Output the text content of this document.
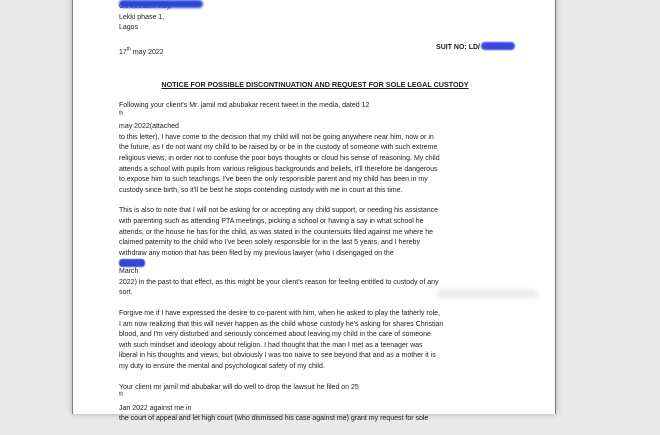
Lekki phase 1,
Lagos
17th may 2022
SUIT NO: LD/
NOTICE FOR POSSIBLE DISCONTINUATION AND REQUEST FOR SOLE LEGAL CUSTODY
Following your client's Mr. jamil md abubakar recent tweet in the media, dated 12
$^{th}$
may 2022(attached
to this letter), I have come to the decision that my child will not be going anywhere near him, now or in
the future, as I do not want my child to be raised by or be in the custody of someone with such extreme
religious views, in order not to confuse the poor boys thoughts or cloud his sense of reasoning. My child
attends a school with pupils from various religious backgrounds and beliefs, it'll therefore be dangerous
to expose him to such teachings, I've been the only responsible parent and my child has been in my
custody since birth, so it'll be best he stops contending custody with me in court at this time.
This is also to note that I will not be asking for or accepting any child support, or needing his assistance
with parenting such as attending PTA meetings, picking a school or having a say in what school he
attends, or the house he has for the child, as was stated in the countersuits filed against me where he
claimed paternity to the child who I've been solely responsible for in the last 5 years, and I hereby
withdraw any motion that has been filed by my previous lawyer (who I disengaged on the
March
2022) in the past to that effect, as this might be your client's reason for feeling entitled to custody of any
sort.
Forgive me if I have expressed the desire to co-parent with him, when he asked to play the fatherly role,
I am now realizing that this will never happen as the child whose custody he's asking for shares Christian
blood, and I'm very disturbed and seriously concerned about leaving my child in the care of someone
with such mindset and ideology about religion. I had thought that the man I met as a teenager was
liberal in his thoughts and views, but obviously I was too naive to see beyond that and as a mother it is
my duty to ensure the mental and psychological safety of my child.
Your client mr jamil md abubakar will do well to drop the lawsuit he filed on 25
$^{th}$
Jan 2022 against me in
the court of appeal and let high court (who dismissed his case against me) grant my request for sole
